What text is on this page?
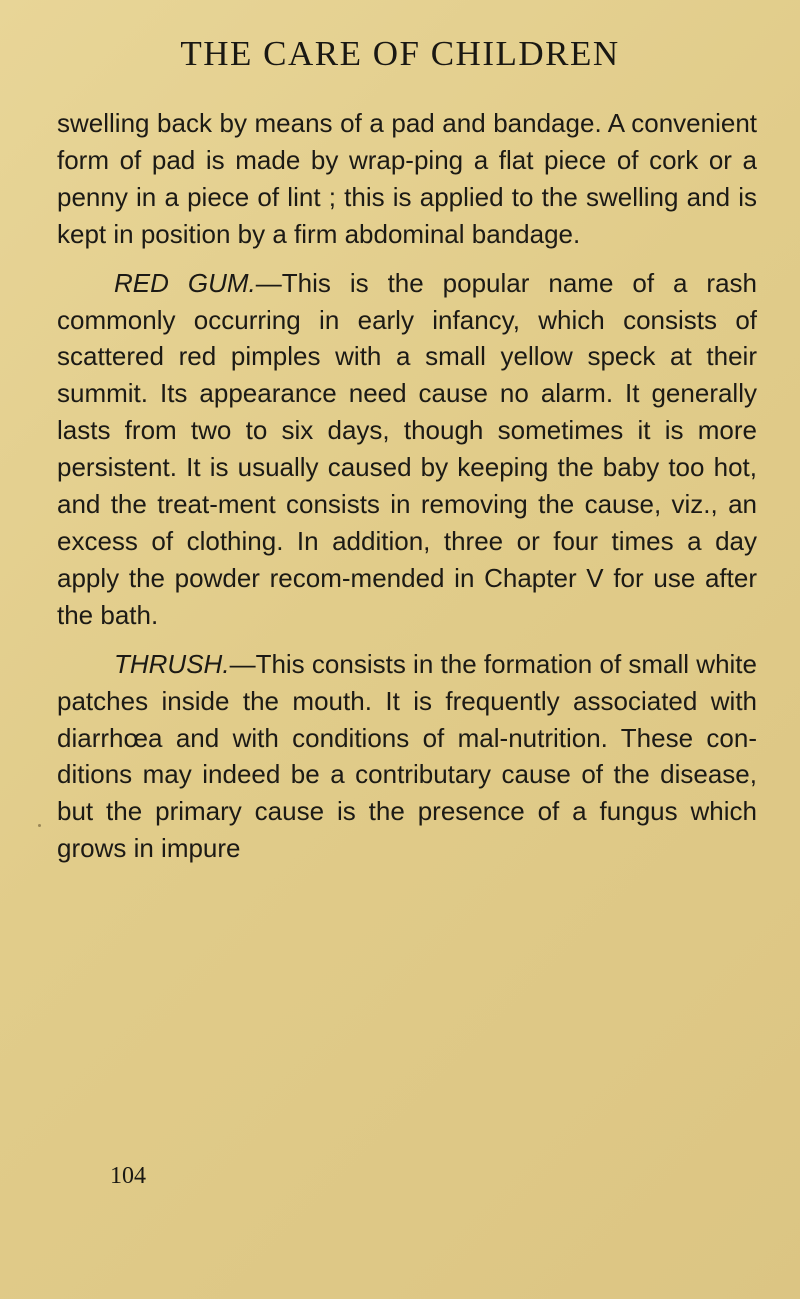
THE CARE OF CHILDREN

swelling back by means of a pad and bandage. A convenient form of pad is made by wrap-ping a flat piece of cork or a penny in a piece of lint ; this is applied to the swelling and is kept in position by a firm abdominal bandage.

RED GUM.—This is the popular name of a rash commonly occurring in early infancy, which consists of scattered red pimples with a small yellow speck at their summit. Its appearance need cause no alarm. It generally lasts from two to six days, though sometimes it is more persistent. It is usually caused by keeping the baby too hot, and the treat-ment consists in removing the cause, viz., an excess of clothing. In addition, three or four times a day apply the powder recom-mended in Chapter V for use after the bath.

THRUSH.—This consists in the formation of small white patches inside the mouth. It is frequently associated with diarrhœa and with conditions of mal-nutrition. These con-ditions may indeed be a contributary cause of the disease, but the primary cause is the presence of a fungus which grows in impure

104
